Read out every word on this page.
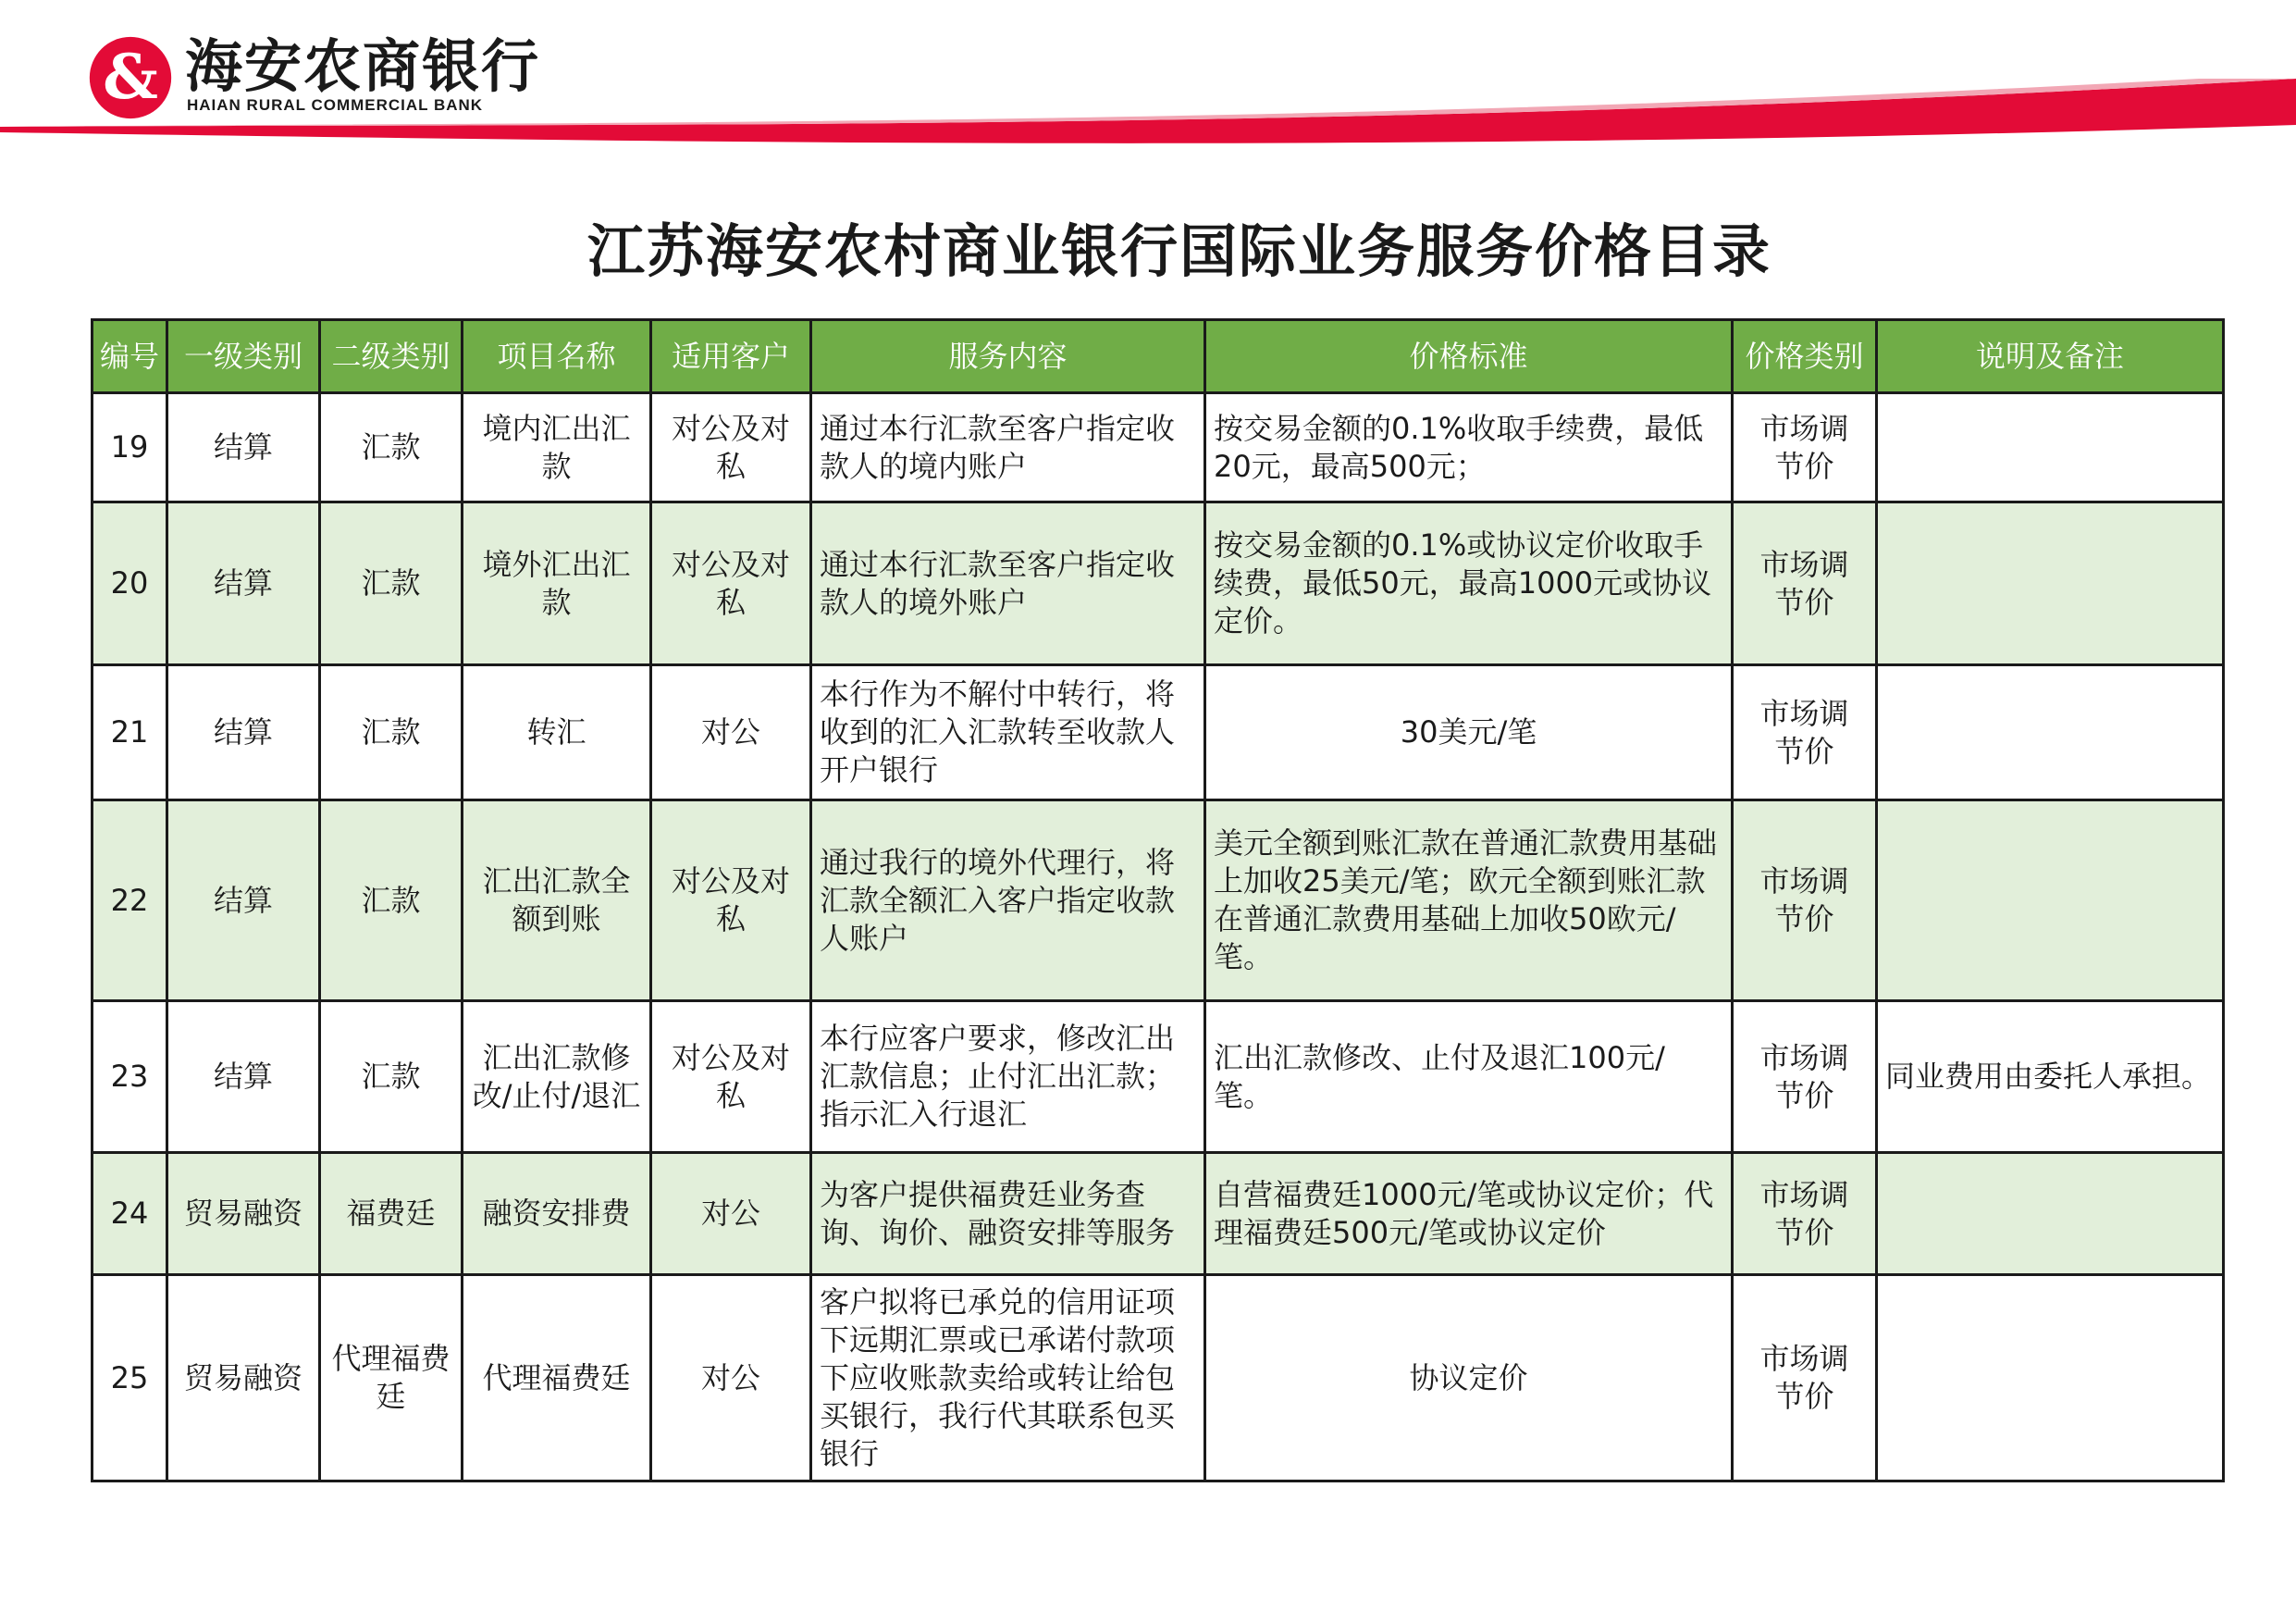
& 海安农商银行
HAIAN RURAL COMMERCIAL BANK
江苏海安农村商业银行国际业务服务价格目录
编号	一级类别	二级类别	项目名称	适用客户	服务内容	价格标准	价格类别	说明及备注
19	结算	汇款	境内汇出汇款	对公及对私	通过本行汇款至客户指定收款人的境内账户	按交易金额的0.1%收取手续费，最低20元，最高500元；	市场调节价	
20	结算	汇款	境外汇出汇款	对公及对私	通过本行汇款至客户指定收款人的境外账户	按交易金额的0.1%或协议定价收取手续费，最低50元，最高1000元或协议定价。	市场调节价	
21	结算	汇款	转汇	对公	本行作为不解付中转行，将收到的汇入汇款转至收款人开户银行	30美元/笔	市场调节价	
22	结算	汇款	汇出汇款全额到账	对公及对私	通过我行的境外代理行，将汇款全额汇入客户指定收款人账户	美元全额到账汇款在普通汇款费用基础上加收25美元/笔；欧元全额到账汇款在普通汇款费用基础上加收50欧元/笔。	市场调节价	
23	结算	汇款	汇出汇款修改/止付/退汇	对公及对私	本行应客户要求，修改汇出汇款信息；止付汇出汇款；指示汇入行退汇	汇出汇款修改、止付及退汇100元/笔。	市场调节价	同业费用由委托人承担。
24	贸易融资	福费廷	融资安排费	对公	为客户提供福费廷业务查询、询价、融资安排等服务	自营福费廷1000元/笔或协议定价；代理福费廷500元/笔或协议定价	市场调节价	
25	贸易融资	代理福费廷	代理福费廷	对公	客户拟将已承兑的信用证项下远期汇票或已承诺付款项下应收账款卖给或转让给包买银行，我行代其联系包买银行	协议定价	市场调节价	
